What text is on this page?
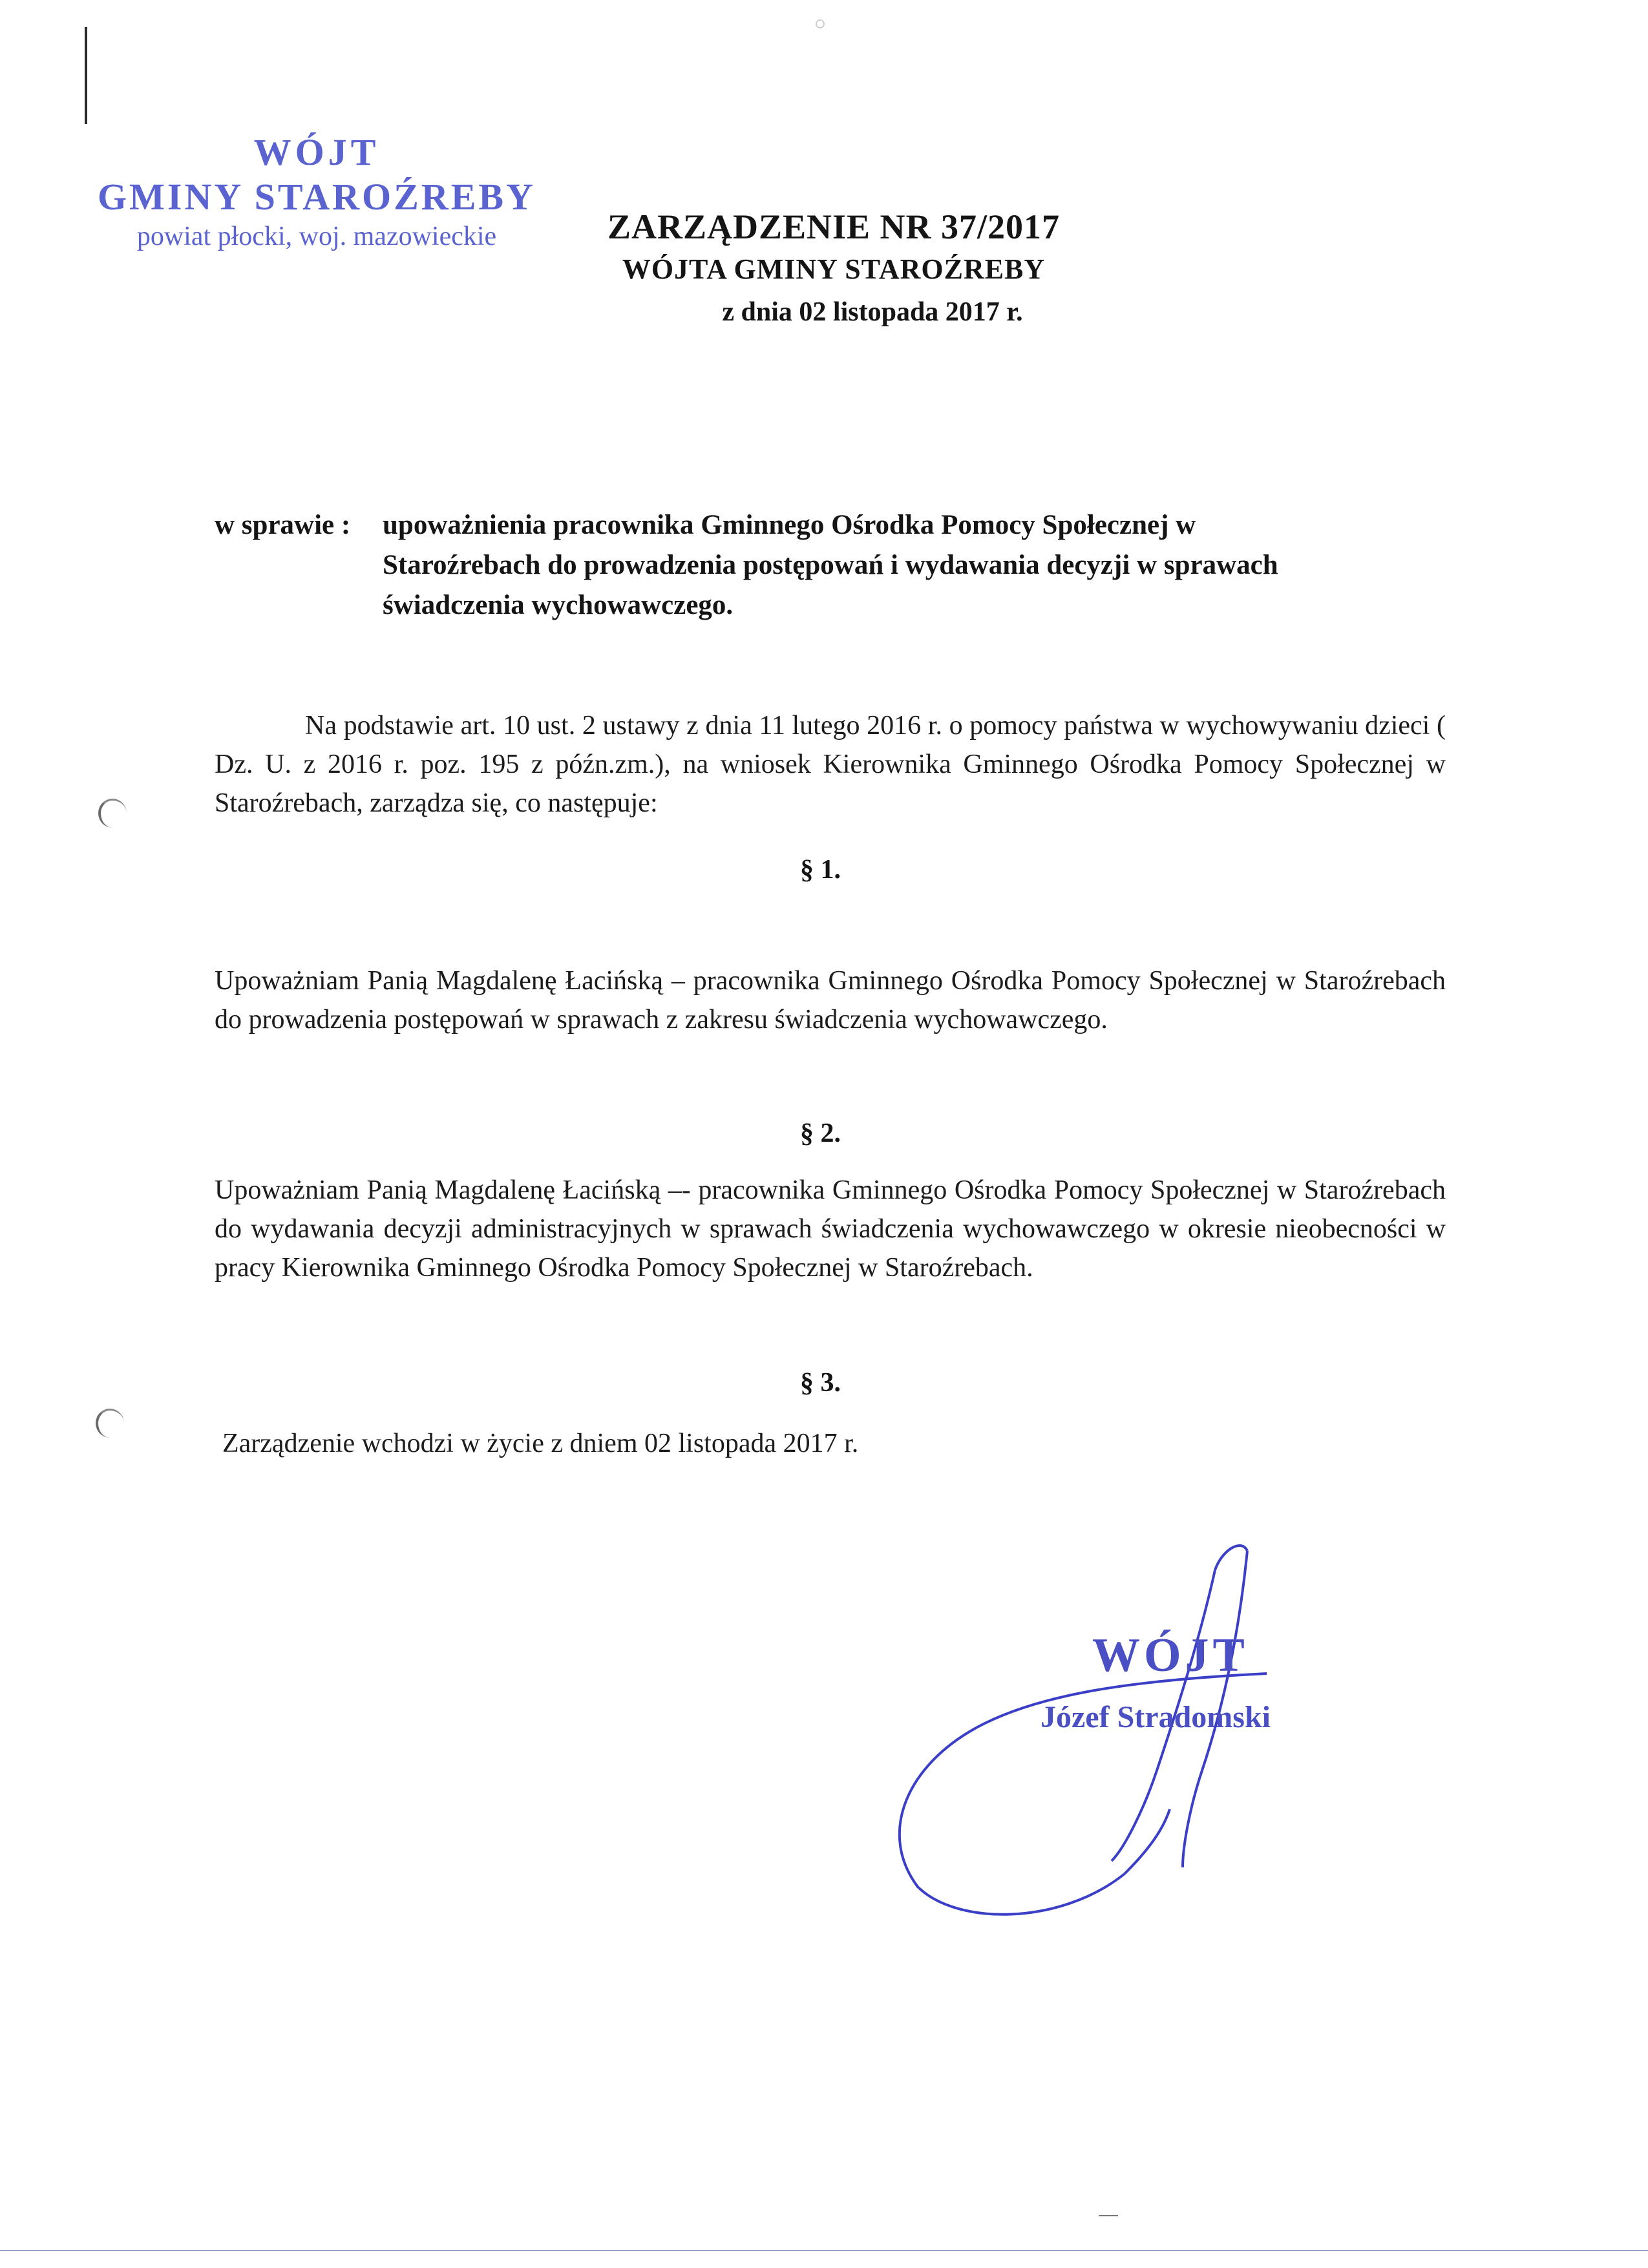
WÓJT
GMINY STAROŹREBY
powiat płocki, woj. mazowieckie	ZARZĄDZENIE NR 37/2017
WÓJTA GMINY STAROŹREBY
z dnia 02 listopada 2017 r.
w sprawie : upoważnienia pracownika Gminnego Ośrodka Pomocy Społecznej w
Staroźrebach do prowadzenia postępowań i wydawania decyzji w sprawach
świadczenia wychowawczego.
Na podstawie art. 10 ust. 2 ustawy z dnia 11 lutego 2016 r. o pomocy państwa w wychowywaniu dzieci ( Dz. U. z 2016 r. poz. 195 z późn.zm.), na wniosek Kierownika Gminnego Ośrodka Pomocy Społecznej w Staroźrebach, zarządza się, co następuje:
§ 1.
Upoważniam Panią Magdalenę Łacińską – pracownika Gminnego Ośrodka Pomocy Społecznej w Staroźrebach do prowadzenia postępowań w sprawach z zakresu świadczenia wychowawczego.
§ 2.
Upoważniam Panią Magdalenę Łacińską –- pracownika Gminnego Ośrodka Pomocy Społecznej w Staroźrebach do wydawania decyzji administracyjnych w sprawach świadczenia wychowawczego w okresie nieobecności w pracy Kierownika Gminnego Ośrodka Pomocy Społecznej w Staroźrebach.
§ 3.
Zarządzenie wchodzi w życie z dniem 02 listopada 2017 r.
WÓJT
Józef Stradomski
